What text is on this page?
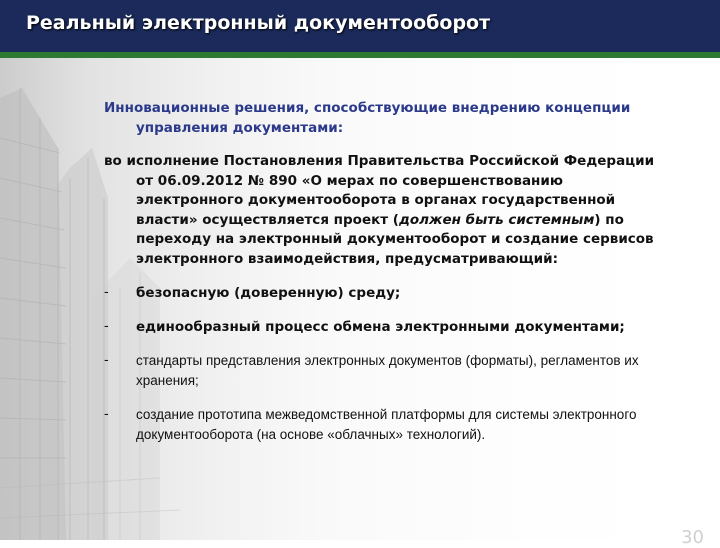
Реальный электронный документооборот

Инновационные решения, способствующие внедрению концепции управления документами:

во исполнение Постановления Правительства Российской Федерации от 06.09.2012 № 890 «О мерах по совершенствованию электронного документооборота в органах государственной власти» осуществляется проект (должен быть системным) по переходу на электронный документооборот и создание сервисов электронного взаимодействия, предусматривающий:

- безопасную (доверенную) среду;
- единообразный процесс обмена электронными документами;
- стандарты представления электронных документов (форматы), регламентов их хранения;
- создание прототипа межведомственной платформы для системы электронного документооборота (на основе «облачных» технологий).
30
